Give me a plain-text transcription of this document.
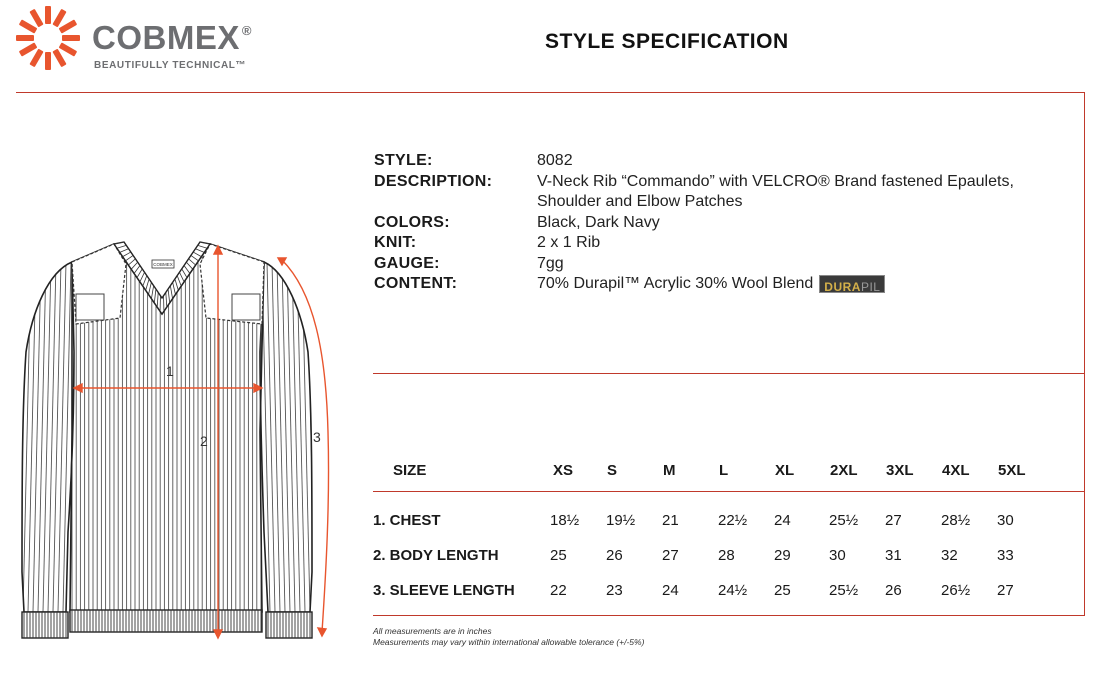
COBMEX ®
BEAUTIFULLY TECHNICAL™
STYLE SPECIFICATION
STYLE:	8082
DESCRIPTION:	V-Neck Rib “Commando” with VELCRO® Brand fastened Epaulets,
Shoulder and Elbow Patches
COLORS:	Black, Dark Navy
KNIT:	2 x 1 Rib
GAUGE:	7gg
CONTENT:	70% Durapil™ Acrylic 30% Wool Blend DURAPIL
SIZE	XS S	M	L	XL 2XL 3XL 4XL 5XL
1. CHEST	18½ 19½ 21	22½ 24	25½ 27	28½ 30
2. BODY LENGTH	25	26	27	28	29	30	31	32	33
3. SLEEVE LENGTH 22	23	24	24½ 25	25½ 26	26½ 27
All measurements are in inches
Measurements may vary within international allowable tolerance (+/-5%)
COBMEX
1
2	3
